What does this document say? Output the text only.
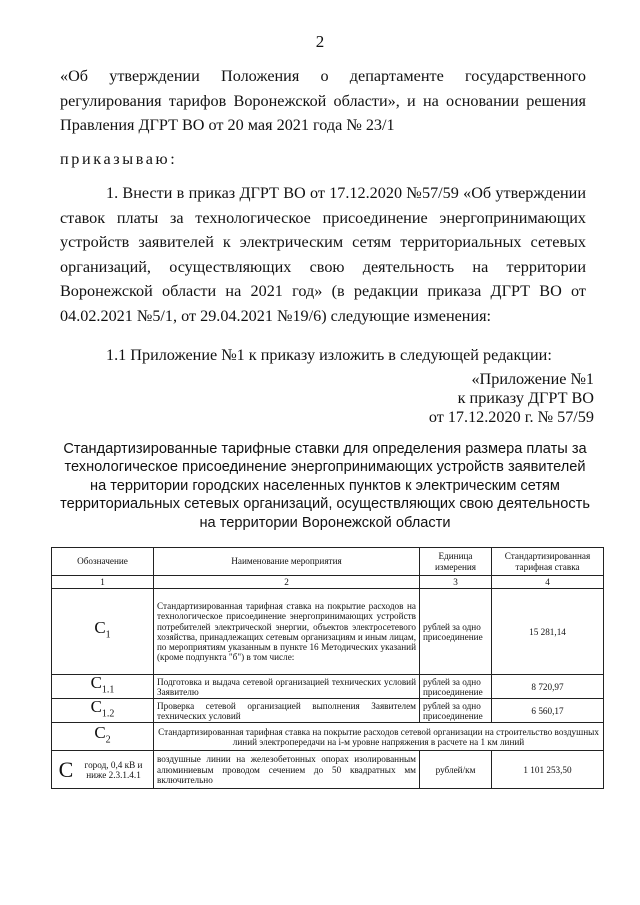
2
«Об утверждении Положения о департаменте государственного регулирования тарифов Воронежской области», и на основании решения Правления ДГРТ ВО от 20 мая 2021 года № 23/1
приказываю:
1. Внести в приказ ДГРТ ВО от 17.12.2020 №57/59 «Об утверждении ставок платы за технологическое присоединение энергопринимающих устройств заявителей к электрическим сетям территориальных сетевых организаций, осуществляющих свою деятельность на территории Воронежской области на 2021 год» (в редакции приказа ДГРТ ВО от 04.02.2021 №5/1, от 29.04.2021 №19/6) следующие изменения:
1.1 Приложение №1 к приказу изложить в следующей редакции:
«Приложение №1
к приказу ДГРТ ВО
от 17.12.2020 г. № 57/59
Стандартизированные тарифные ставки для определения размера платы за технологическое присоединение энергопринимающих устройств заявителей на территории городских населенных пунктов к электрическим сетям территориальных сетевых организаций, осуществляющих свою деятельность на территории Воронежской области
Обозначение	Наименование мероприятия	Единица измерения	Стандартизированная тарифная ставка
1	2	3	4
$C_1$	Стандартизированная тарифная ставка на покрытие расходов на технологическое присоединение энергопринимающих устройств потребителей электрической энергии, объектов электросетевого хозяйства, принадлежащих сетевым организациям и иным лицам, по мероприятиям указанным в пункте 16 Методических указаний (кроме подпункта "б") в том числе:	рублей за одно присоединение	15 281,14
$C_{1.1}$	Подготовка и выдача сетевой организацией технических условий Заявителю	рублей за одно присоединение	8 720,97
$C_{1.2}$	Проверка сетевой организацией выполнения Заявителем технических условий	рублей за одно присоединение	6 560,17
$C_2$	Стандартизированная тарифная ставка на покрытие расходов сетевой организации на строительство воздушных линий электропередачи на i-м уровне напряжения в расчете на 1 км линий		

C город, 0,4 кВ и ниже 2.3.1.4.1	воздушные линии на железобетонных опорах изолированным алюминиевым проводом сечением до 50 квадратных мм включительно	рублей/км	1 101 253,50
